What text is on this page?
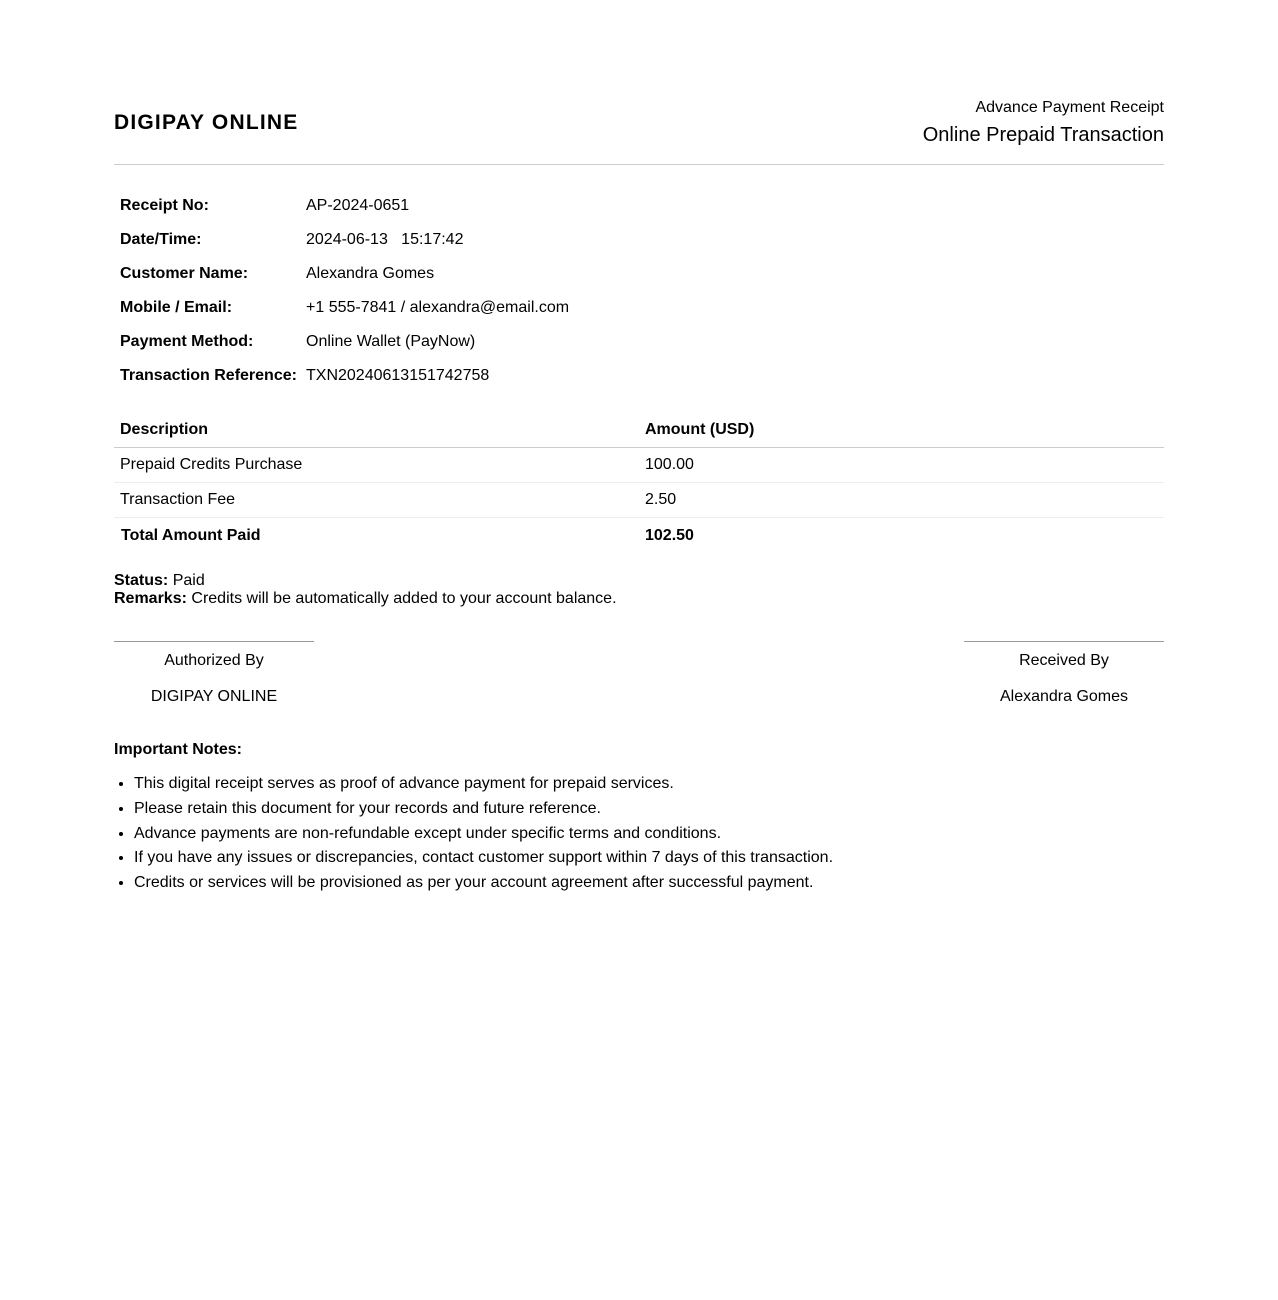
DIGIPAY ONLINE
Advance Payment Receipt
Online Prepaid Transaction
Receipt No:	AP-2024-0651
Date/Time:	2024-06-13   15:17:42
Customer Name:	Alexandra Gomes
Mobile / Email:	+1 555-7841 / alexandra@email.com
Payment Method:	Online Wallet (PayNow)
Transaction Reference: TXN20240613151742758
Description	Amount (USD)
Prepaid Credits Purchase	100.00
Transaction Fee	2.50
Total Amount Paid	102.50
Status: Paid
Remarks: Credits will be automatically added to your account balance.
Authorized By
DIGIPAY ONLINE
Received By
Alexandra Gomes
Important Notes:
• This digital receipt serves as proof of advance payment for prepaid services.
• Please retain this document for your records and future reference.
• Advance payments are non-refundable except under specific terms and conditions.
• If you have any issues or discrepancies, contact customer support within 7 days of this transaction.
• Credits or services will be provisioned as per your account agreement after successful payment.
